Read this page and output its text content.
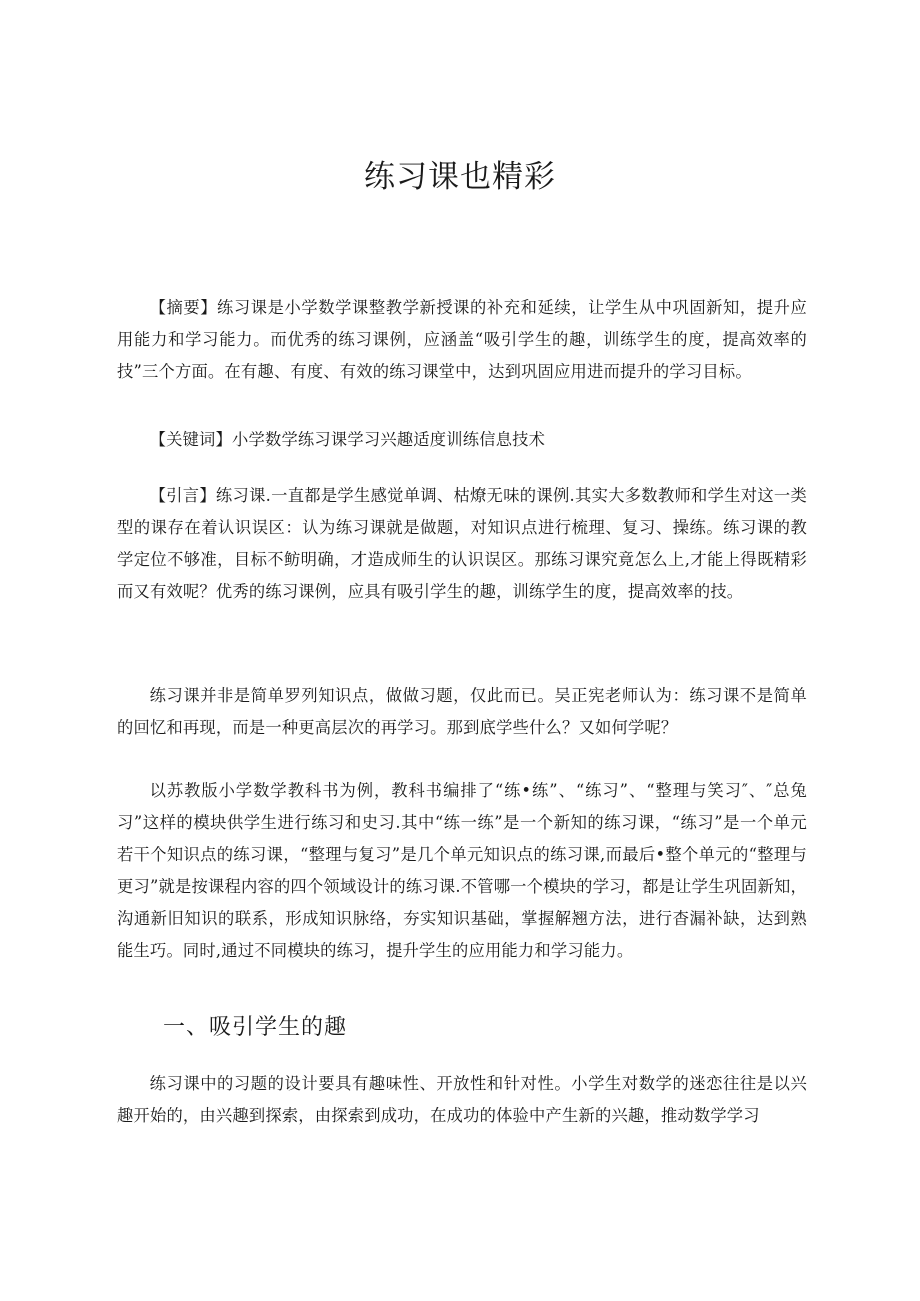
练习课也精彩

【摘要】练习课是小学数学课整教学新授课的补充和延续，让学生从中巩固新知，提升应用能力和学习能力。而优秀的练习课例，应涵盖“吸引学生的趣，训练学生的度，提高效率的技”三个方面。在有趣、有度、有效的练习课堂中，达到巩固应用进而提升的学习目标。

【关键词】小学数学练习课学习兴趣适度训练信息技术

【引言】练习课.一直都是学生感觉单调、枯燎无味的课例.其实大多数教师和学生对这一类型的课存在着认识误区：认为练习课就是做题，对知识点进行梳理、复习、操练。练习课的教学定位不够准，目标不鲂明确，才造成师生的认识误区。那练习课究竟怎么上,才能上得既精彩而又有效呢？优秀的练习课例，应具有吸引学生的趣，训练学生的度，提高效率的技。

练习课并非是简单罗列知识点，做做习题，仅此而已。吴正宪老师认为：练习课不是简单的回忆和再现，而是一种更高层次的再学习。那到底学些什么？又如何学呢？

以苏教版小学数学教科书为例，教科书编排了“练•练”、“练习”、“整理与笑习″、″总兔习”这样的模块供学生进行练习和史习.其中“练一练”是一个新知的练习课，“练习”是一个单元若干个知识点的练习课，“整理与复习”是几个单元知识点的练习课,而最后•整个单元的“整理与更习”就是按课程内容的四个领域设计的练习课.不管哪一个模块的学习，都是让学生巩固新知，沟通新旧知识的联系，形成知识脉络，夯实知识基础，掌握解翘方法，进行杳漏补缺，达到熟能生巧。同时,通过不同模块的练习，提升学生的应用能力和学习能力。

一、吸引学生的趣

练习课中的习题的设计要具有趣味性、开放性和针对性。小学生对数学的迷恋往往是以兴趣开始的，由兴趣到探索，由探索到成功，在成功的体验中产生新的兴趣，推动数学学习
